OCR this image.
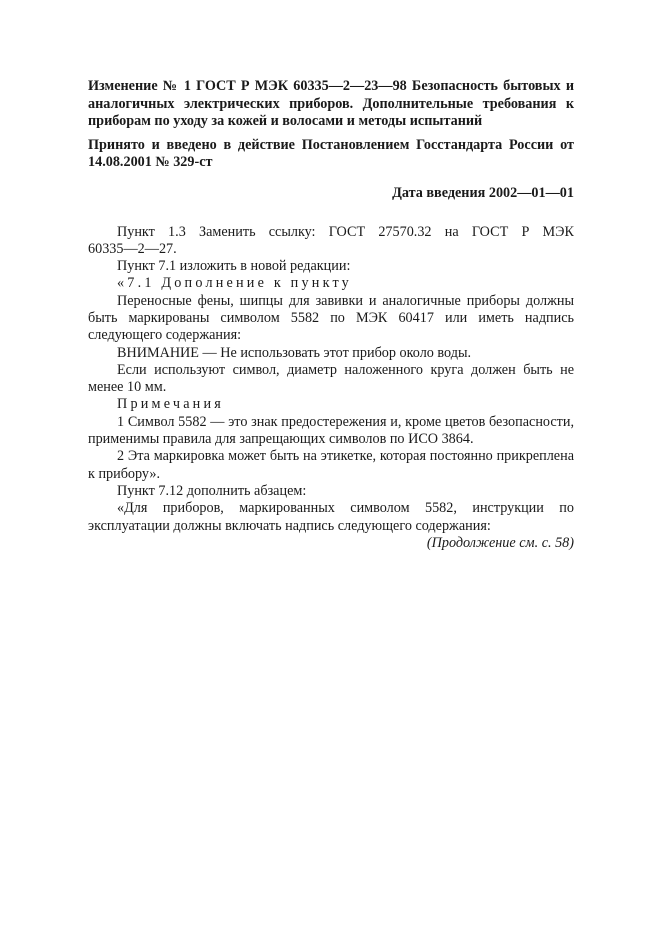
Изменение № 1 ГОСТ Р МЭК 60335—2—23—98 Безопасность бытовых и аналогичных электрических приборов. Дополнительные требования к приборам по уходу за кожей и волосами и методы испытаний

Принято и введено в действие Постановлением Госстандарта России от 14.08.2001 № 329-ст

Дата введения 2002—01—01

Пункт 1.3 Заменить ссылку: ГОСТ 27570.32 на ГОСТ Р МЭК

60335—2—27.

Пункт 7.1 изложить в новой редакции:

«7.1 Дополнение к пункту

Переносные фены, шипцы для завивки и аналогичные приборы должны быть маркированы символом 5582 по МЭК 60417 или иметь надпись следующего содержания:

ВНИМАНИЕ — Не использовать этот прибор около воды.

Если используют символ, диаметр наложенного круга должен быть не менее 10 мм.

Примечания

1 Символ 5582 — это знак предостережения и, кроме цветов безопасности, применимы правила для запрещающих символов по ИСО 3864.

2 Эта маркировка может быть на этикетке, которая постоянно прикреплена к прибору».

Пункт 7.12 дополнить абзацем:

«Для приборов, маркированных символом 5582, инструкции по эксплуатации должны включать надпись следующего содержания:

(Продолжение см. с. 58)
